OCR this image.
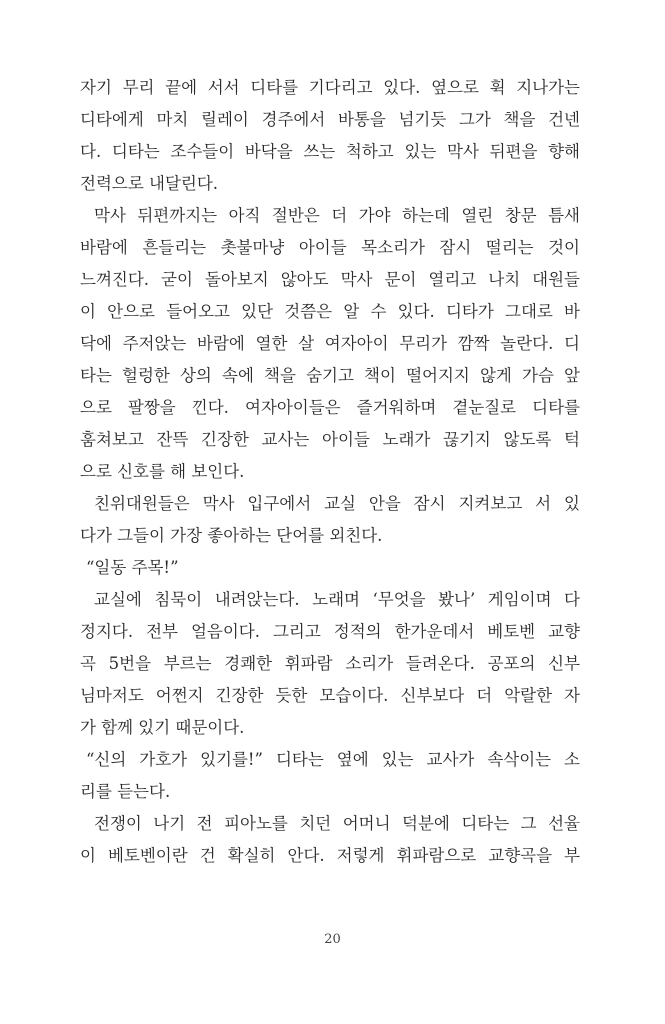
자기 무리 끝에 서서 디타를 기다리고 있다. 옆으로 휙 지나가는
디타에게 마치 릴레이 경주에서 바통을 넘기듯 그가 책을 건넨
다. 디타는 조수들이 바닥을 쓰는 척하고 있는 막사 뒤편을 향해
전력으로 내달린다.
막사 뒤편까지는 아직 절반은 더 가야 하는데 열린 창문 틈새
바람에 흔들리는 촛불마냥 아이들 목소리가 잠시 떨리는 것이
느껴진다. 굳이 돌아보지 않아도 막사 문이 열리고 나치 대원들
이 안으로 들어오고 있단 것쯤은 알 수 있다. 디타가 그대로 바
닥에 주저앉는 바람에 열한 살 여자아이 무리가 깜짝 놀란다. 디
타는 헐렁한 상의 속에 책을 숨기고 책이 떨어지지 않게 가슴 앞
으로 팔짱을 낀다. 여자아이들은 즐거워하며 곁눈질로 디타를
훔쳐보고 잔뜩 긴장한 교사는 아이들 노래가 끊기지 않도록 턱
으로 신호를 해 보인다.
친위대원들은 막사 입구에서 교실 안을 잠시 지켜보고 서 있
다가 그들이 가장 좋아하는 단어를 외친다.
“일동 주목!”
교실에 침묵이 내려앉는다. 노래며 ‘무엇을 봤나’ 게임이며 다
정지다. 전부 얼음이다. 그리고 정적의 한가운데서 베토벤 교향
곡 5번을 부르는 경쾌한 휘파람 소리가 들려온다. 공포의 신부
님마저도 어쩐지 긴장한 듯한 모습이다. 신부보다 더 악랄한 자
가 함께 있기 때문이다.
“신의 가호가 있기를!” 디타는 옆에 있는 교사가 속삭이는 소
리를 듣는다.
전쟁이 나기 전 피아노를 치던 어머니 덕분에 디타는 그 선율
이 베토벤이란 건 확실히 안다. 저렇게 휘파람으로 교향곡을 부
20
